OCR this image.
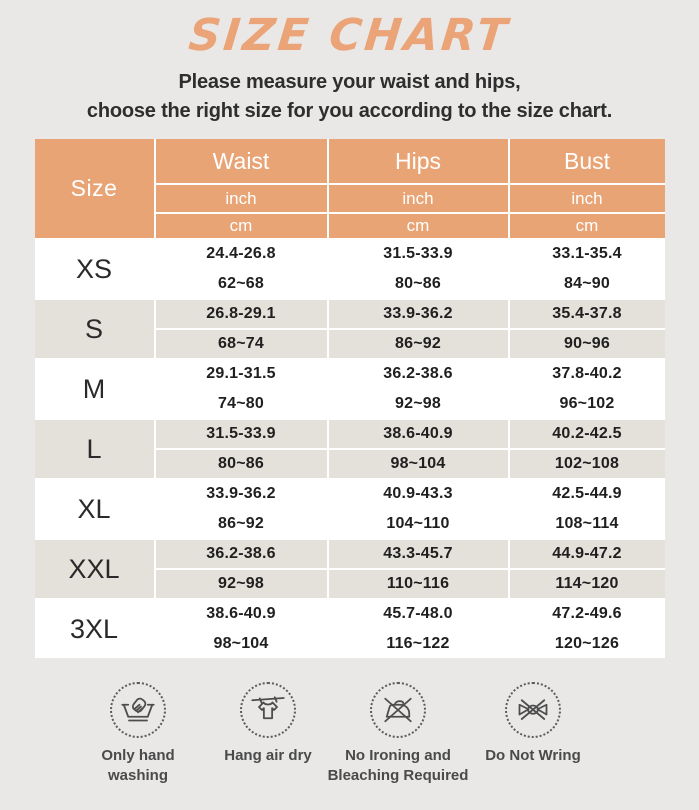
SIZE CHART
Please measure your waist and hips,
choose the right size for you according to the size chart.
Size	Waist	Hips	Bust
	inch	inch	inch
	cm	cm	cm
XS	24.4-26.8	31.5-33.9	33.1-35.4
	62~68	80~86	84~90
S	26.8-29.1	33.9-36.2	35.4-37.8
	68~74	86~92	90~96
M	29.1-31.5	36.2-38.6	37.8-40.2
	74~80	92~98	96~102
L	31.5-33.9	38.6-40.9	40.2-42.5
	80~86	98~104	102~108
XL	33.9-36.2	40.9-43.3	42.5-44.9
	86~92	104~110	108~114
XXL	36.2-38.6	43.3-45.7	44.9-47.2
	92~98	110~116	114~120
3XL	38.6-40.9	45.7-48.0	47.2-49.6
	98~104	116~122	120~126
Only hand
washing
Hang air dry	No Ironing and
Bleaching Required
Do Not Wring
